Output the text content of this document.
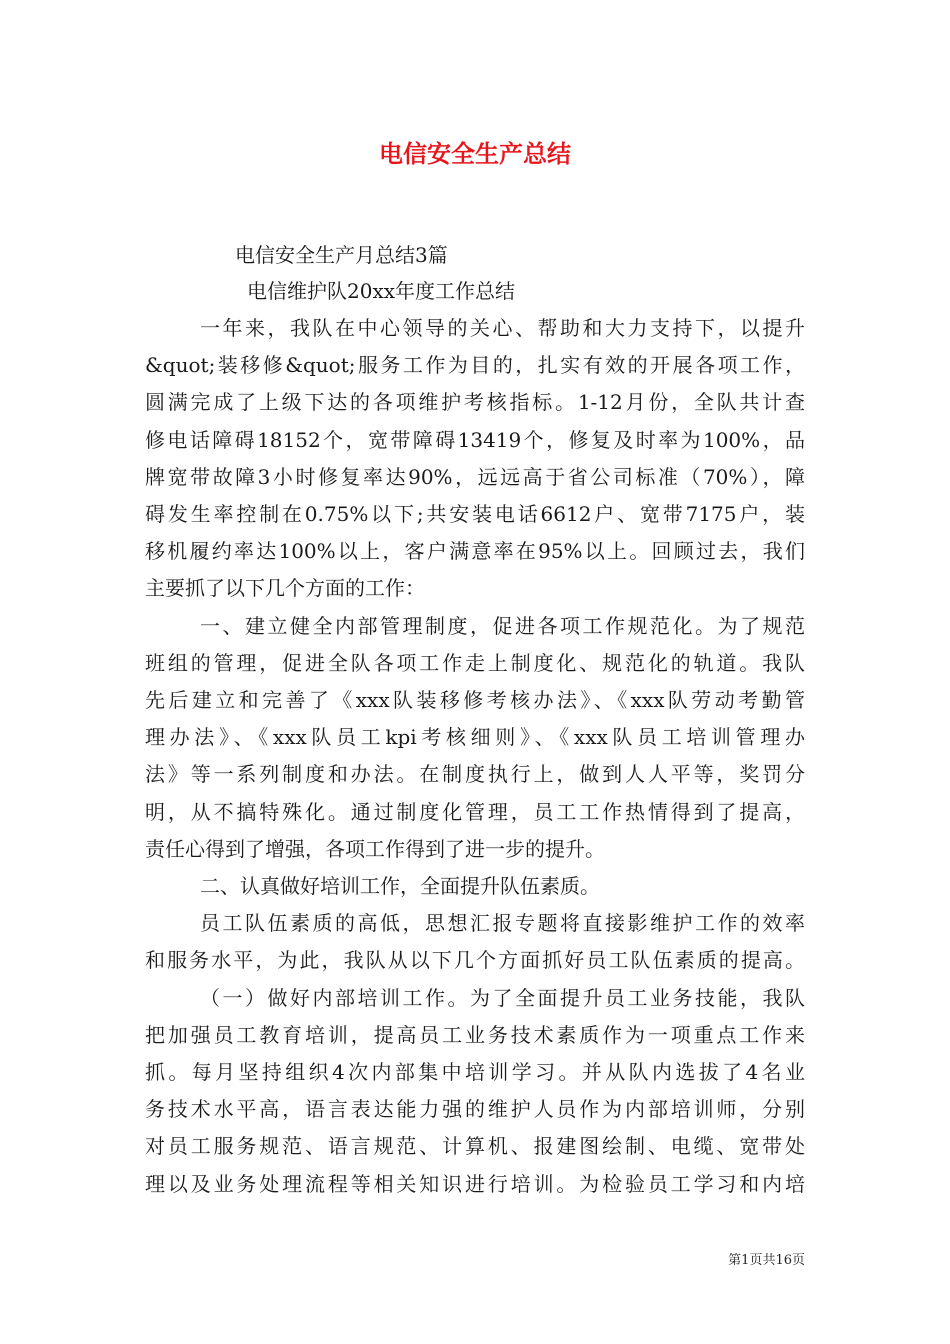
电信安全生产总结
电信安全生产月总结3篇
电信维护队20xx年度工作总结
一年来，我队在中心领导的关心、帮助和大力支持下，以提升
&quot;装移修&quot;服务工作为目的，扎实有效的开展各项工作，
圆满完成了上级下达的各项维护考核指标。1-12月份，全队共计查
修电话障碍18152个，宽带障碍13419个，修复及时率为100%，品
牌宽带故障3小时修复率达90%，远远高于省公司标准（70%），障
碍发生率控制在0.75%以下;共安装电话6612户、宽带7175户，装
移机履约率达100%以上，客户满意率在95%以上。回顾过去，我们
主要抓了以下几个方面的工作：
一、建立健全内部管理制度，促进各项工作规范化。为了规范
班组的管理，促进全队各项工作走上制度化、规范化的轨道。我队
先后建立和完善了《xxx队装移修考核办法》、《xxx队劳动考勤管
理办法》、《xxx队员工kpi考核细则》、《xxx队员工培训管理办
法》等一系列制度和办法。在制度执行上，做到人人平等，奖罚分
明，从不搞特殊化。通过制度化管理，员工工作热情得到了提高，
责任心得到了增强，各项工作得到了进一步的提升。
二、认真做好培训工作，全面提升队伍素质。
员工队伍素质的高低，思想汇报专题将直接影维护工作的效率
和服务水平，为此，我队从以下几个方面抓好员工队伍素质的提高。
（一）做好内部培训工作。为了全面提升员工业务技能，我队
把加强员工教育培训，提高员工业务技术素质作为一项重点工作来
抓。每月坚持组织4次内部集中培训学习。并从队内选拔了4名业
务技术水平高，语言表达能力强的维护人员作为内部培训师，分别
对员工服务规范、语言规范、计算机、报建图绘制、电缆、宽带处
理以及业务处理流程等相关知识进行培训。为检验员工学习和内培
第1页共16页
